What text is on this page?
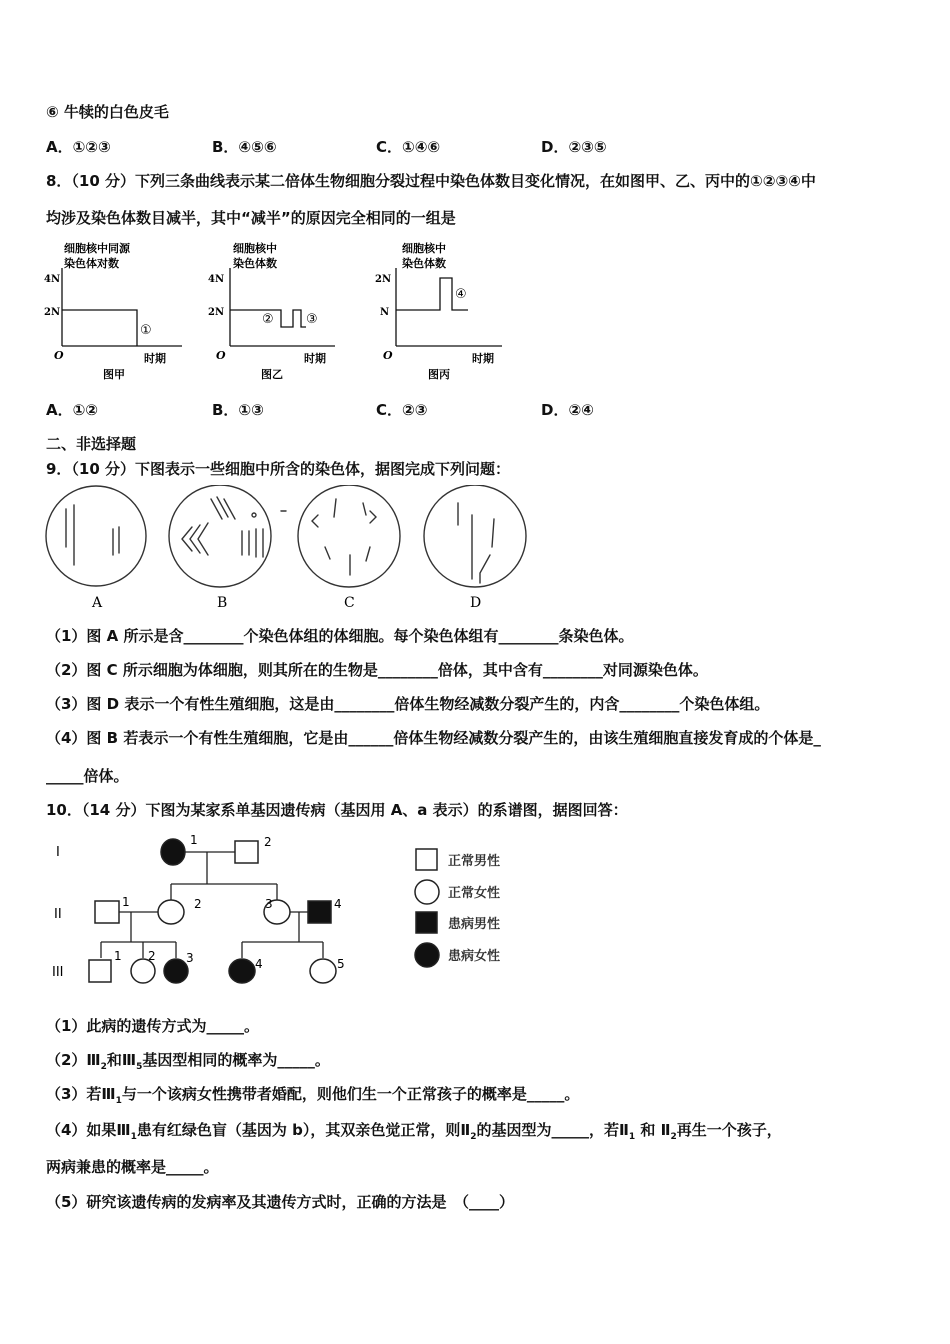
⑥ 牛犊的白色皮毛
A．①②③	B．④⑤⑥	C．①④⑥	D．②③⑤
8．（10 分）下列三条曲线表示某二倍体生物细胞分裂过程中染色体数目变化情况，在如图甲、乙、丙中的①②③④中
均涉及染色体数目减半，其中“减半”的原因完全相同的一组是
细胞核中同源
染色体对数
4N
2N
①
O	时期
图甲
细胞核中
染色体数
4N
2N	② ③
O	时期
图乙
细胞核中
染色体数
2N
N
④
O	时期
图丙
A．①②	B．①③	C．②③	D．②④
二、非选择题
9．（10 分）下图表示一些细胞中所含的染色体，据图完成下列问题：
A	B	C	D
（1）图 A 所示是含________个染色体组的体细胞。每个染色体组有________条染色体。
（2）图 C 所示细胞为体细胞，则其所在的生物是________倍体，其中含有________对同源染色体。
（3）图 D 表示一个有性生殖细胞，这是由________倍体生物经减数分裂产生的，内含________个染色体组。
（4）图 B 若表示一个有性生殖细胞，它是由______倍体生物经减数分裂产生的，由该生殖细胞直接发育成的个体是_
_____倍体。
10．（14 分）下图为某家系单基因遗传病（基因用 A、a 表示）的系谱图，据图回答：
I
II
III
1	2
1	2	3	4
1 2	3	4	5
正常男性
正常女性
患病男性
患病女性
（1）此病的遗传方式为_____。
$(2)Ⅲ_2$和$Ⅲ_5$基因型相同的概率为_____。
（3）若$Ⅲ_1$与一个该病女性携带者婚配，则他们生一个正常孩子的概率是_____。
（4）如果$Ⅲ_1$患有红绿色盲（基因为 b），其双亲色觉正常，则$Ⅱ_2$的基因型为_____，若$Ⅱ_1$ 和 $Ⅱ_2$再生一个孩子，
两病兼患的概率是_____。
（5）研究该遗传病的发病率及其遗传方式时，正确的方法是　（____）
